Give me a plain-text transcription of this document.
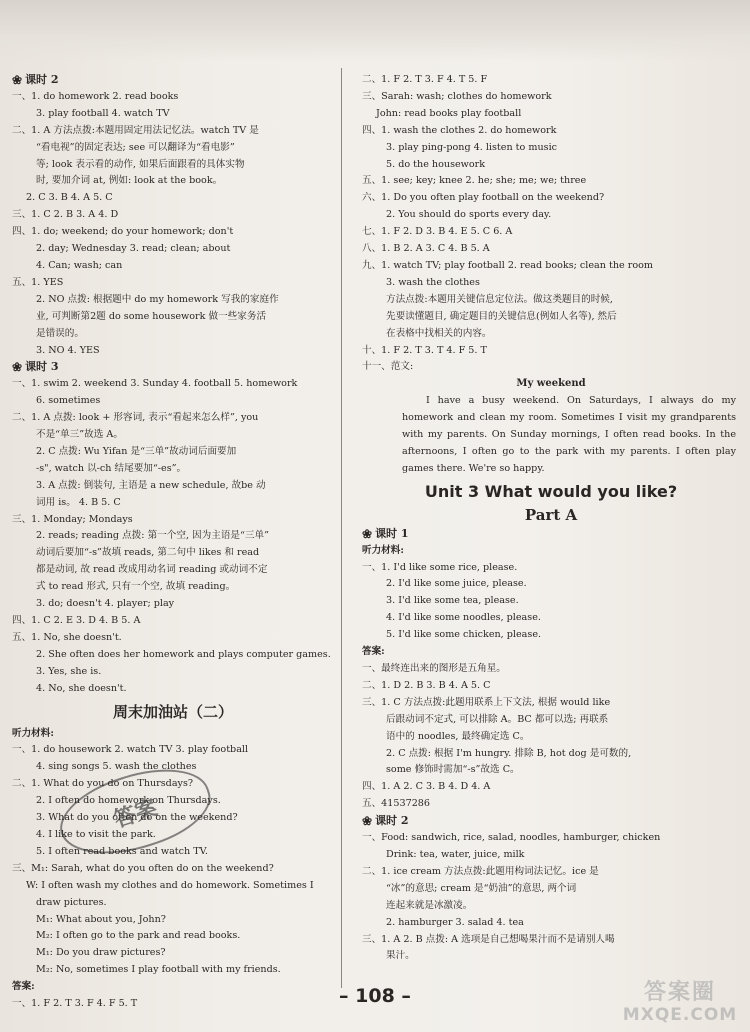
❀ 课时 2
一、1. do homework 2. read books
3. play football 4. watch TV
二、1. A 方法点拨:本题用固定用法记忆法。watch TV 是
“看电视”的固定表达; see 可以翻译为“看电影”
等; look 表示看的动作, 如果后面跟看的具体实物
时, 要加介词 at, 例如: look at the book。
2. C 3. B 4. A 5. C
三、1. C 2. B 3. A 4. D
四、1. do; weekend; do your homework; don't
2. day; Wednesday 3. read; clean; about
4. Can; wash; can
五、1. YES
2. NO 点拨: 根据题中 do my homework 写我的家庭作
业, 可判断第2题 do some housework 做一些家务活
是错误的。
3. NO 4. YES
❀ 课时 3
一、1. swim 2. weekend 3. Sunday 4. football 5. homework
6. sometimes
二、1. A 点拨: look + 形容词, 表示“看起来怎么样”, you
不是“单三”故选 A。
2. C 点拨: Wu Yifan 是“三单”故动词后面要加
-s", watch 以-ch 结尾要加“-es”。
3. A 点拨: 倒装句, 主语是 a new schedule, 故be 动
词用 is。 4. B 5. C
三、1. Monday; Mondays
2. reads; reading 点拨: 第一个空, 因为主语是“三单”
动词后要加“-s”故填 reads, 第二句中 likes 和 read
都是动词, 故 read 改成用动名词 reading 或动词不定
式 to read 形式, 只有一个空, 故填 reading。
3. do; doesn't 4. player; play
四、1. C 2. E 3. D 4. B 5. A
五、1. No, she doesn't.
2. She often does her homework and plays computer games.
3. Yes, she is.
4. No, she doesn't.
周末加油站（二）
听力材料:
一、1. do housework 2. watch TV 3. play football
4. sing songs 5. wash the clothes
二、1. What do you do on Thursdays?
2. I often do homework on Thursdays.
3. What do you often do on the weekend?
4. I like to visit the park.
5. I often read books and watch TV.
三、M₁: Sarah, what do you often do on the weekend?
W: I often wash my clothes and do homework. Sometimes I
draw pictures.
M₁: What about you, John?
M₂: I often go to the park and read books.
M₁: Do you draw pictures?
M₂: No, sometimes I play football with my friends.
答案:
一、1. F 2. T 3. F 4. F 5. T
二、1. F 2. T 3. F 4. T 5. F
三、Sarah: wash; clothes do homework
John: read books play football
四、1. wash the clothes 2. do homework
3. play ping-pong 4. listen to music
5. do the housework
五、1. see; key; knee 2. he; she; me; we; three
六、1. Do you often play football on the weekend?
2. You should do sports every day.
七、1. F 2. D 3. B 4. E 5. C 6. A
八、1. B 2. A 3. C 4. B 5. A
九、1. watch TV; play football 2. read books; clean the room
3. wash the clothes
方法点拨:本题用关键信息定位法。做这类题目的时候,
先要读懂题目, 确定题目的关键信息(例如人名等), 然后
在表格中找相关的内容。
十、1. F 2. T 3. T 4. F 5. T
十一、范文:
My weekend
I have a busy weekend. On Saturdays, I always do my homework and clean my room. Sometimes I visit my grandparents with my parents. On Sunday mornings, I often read books. In the afternoons, I often go to the park with my parents. I often play games there. We're so happy.
Unit 3 What would you like?
Part A
❀ 课时 1
听力材料:
一、1. I'd like some rice, please.
2. I'd like some juice, please.
3. I'd like some tea, please.
4. I'd like some noodles, please.
5. I'd like some chicken, please.
答案:
一、最终连出来的图形是五角星。
二、1. D 2. B 3. B 4. A 5. C
三、1. C 方法点拨:此题用联系上下文法, 根据 would like
后跟动词不定式, 可以排除 A。BC 都可以选; 再联系
语中的 noodles, 最终确定选 C。
2. C 点拨: 根据 I'm hungry. 排除 B, hot dog 是可数的,
some 修饰时需加“-s”故选 C。
四、1. A 2. C 3. B 4. D 4. A
五、41537286
❀ 课时 2
一、Food: sandwich, rice, salad, noodles, hamburger, chicken
Drink: tea, water, juice, milk
二、1. ice cream 方法点拨:此题用构词法记忆。ice 是
“冰”的意思; cream 是“奶油”的意思, 两个词
连起来就是冰激凌。
2. hamburger 3. salad 4. tea
三、1. A 2. B 点拨: A 选项是自己想喝果汁而不是请别人喝
果汁。
答案
– 108 –	答案圈
MXQE.COM
